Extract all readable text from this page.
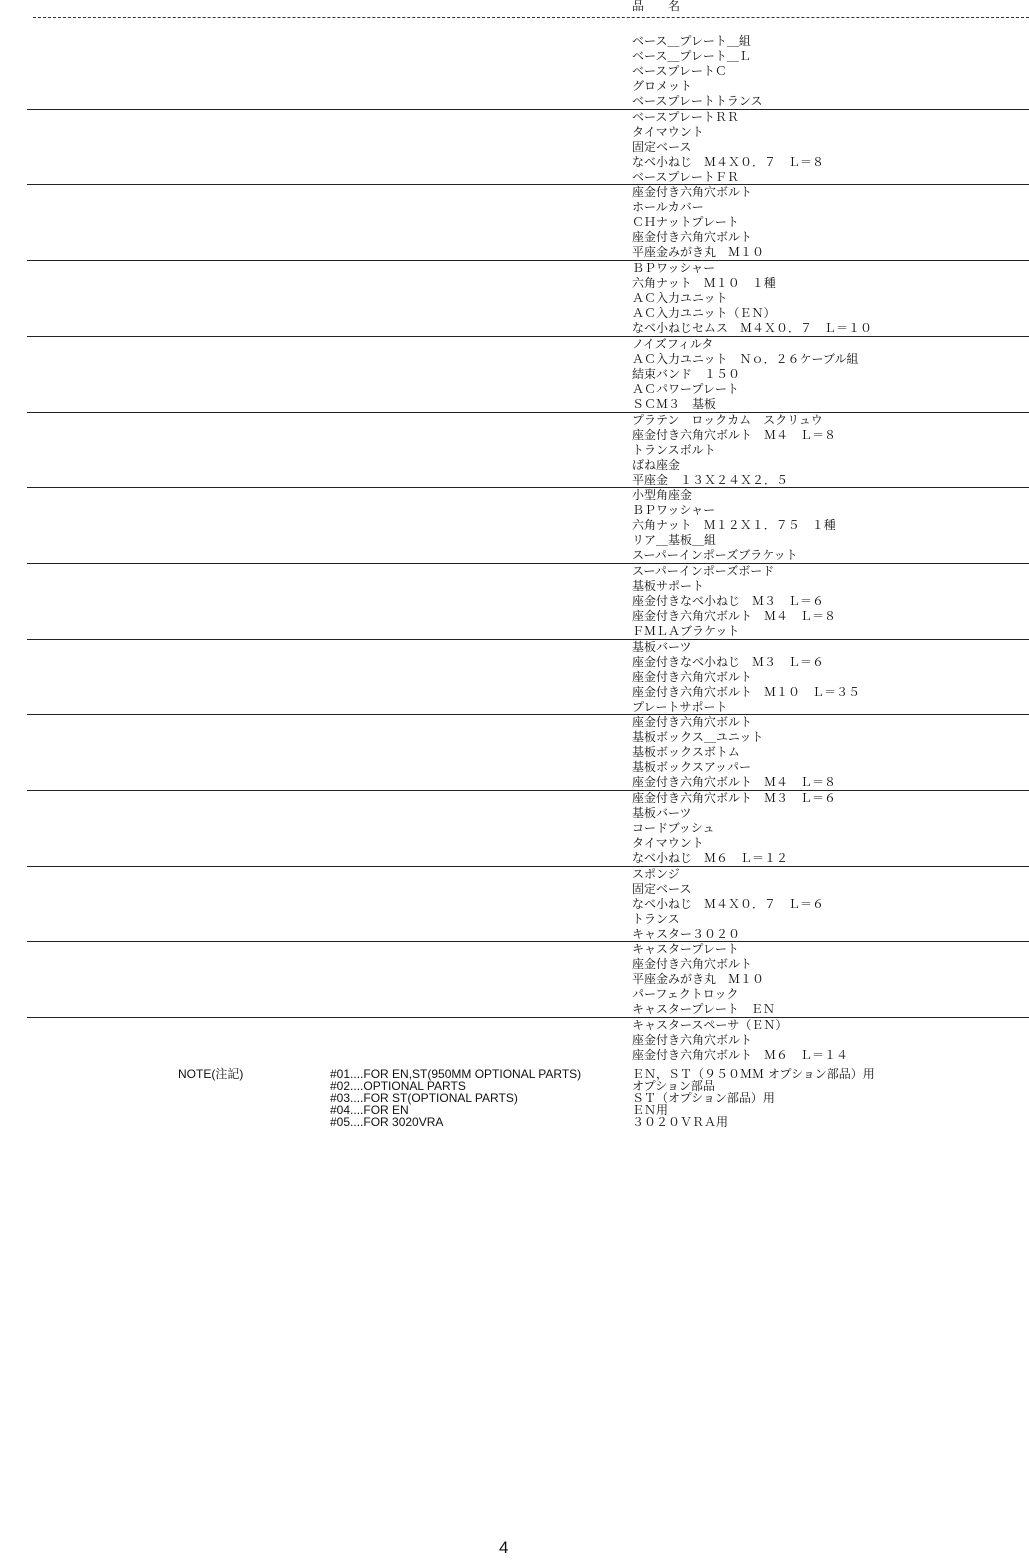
品　名
ベース＿プレート＿組
ベース＿プレート＿Ｌ
ベースプレートＣ
グロメット
ベースプレートトランス
ベースプレートＲＲ
タイマウント
固定ベース
なべ小ねじ　Ｍ４Ｘ０．７　Ｌ＝８
ベースプレートＦＲ
座金付き六角穴ボルト
ホールカバー
ＣＨナットプレート
座金付き六角穴ボルト
平座金みがき丸　Ｍ１０
ＢＰワッシャー
六角ナット　Ｍ１０　１種
ＡＣ入力ユニット
ＡＣ入力ユニット（ＥＮ）
なべ小ねじセムス　Ｍ４Ｘ０．７　Ｌ＝１０
ノイズフィルタ
ＡＣ入力ユニット　Ｎｏ．２６ケーブル組
結束バンド　１５０
ＡＣパワープレート
ＳＣＭ３　基板
プラテン　ロックカム　スクリュウ
座金付き六角穴ボルト　Ｍ４　Ｌ＝８
トランスボルト
ばね座金
平座金　１３Ｘ２４Ｘ２．５
小型角座金
ＢＰワッシャー
六角ナット　Ｍ１２Ｘ１．７５　１種
リア＿基板＿組
スーパーインポーズブラケット
スーパーインポーズボード
基板サポート
座金付きなべ小ねじ　Ｍ３　Ｌ＝６
座金付き六角穴ボルト　Ｍ４　Ｌ＝８
ＦＭＬＡブラケット
基板バーツ
座金付きなべ小ねじ　Ｍ３　Ｌ＝６
座金付き六角穴ボルト
座金付き六角穴ボルト　Ｍ１０　Ｌ＝３５
プレートサポート
座金付き六角穴ボルト
基板ボックス＿ユニット
基板ボックスボトム
基板ボックスアッパー
座金付き六角穴ボルト　Ｍ４　Ｌ＝８
座金付き六角穴ボルト　Ｍ３　Ｌ＝６
基板バーツ
コードブッシュ
タイマウント
なべ小ねじ　Ｍ６　Ｌ＝１２
スポンジ
固定ベース
なべ小ねじ　Ｍ４Ｘ０．７　Ｌ＝６
トランス
キャスター３０２０
キャスタープレート
座金付き六角穴ボルト
平座金みがき丸　Ｍ１０
パーフェクトロック
キャスタープレート　ＥＮ
キャスタースペーサ（ＥＮ）
座金付き六角穴ボルト
座金付き六角穴ボルト　Ｍ６　Ｌ＝１４
NOTE(注記)	#01....FOR EN,ST(950MM OPTIONAL PARTS)
#02....OPTIONAL PARTS
#03....FOR ST(OPTIONAL PARTS)
#04....FOR EN
#05....FOR 3020VRA
ＥＮ，ＳＴ（９５０ＭＭ オプション部品）用
オプション部品
ＳＴ（オプション部品）用
ＥＮ用
３０２０ＶＲＡ用
4
